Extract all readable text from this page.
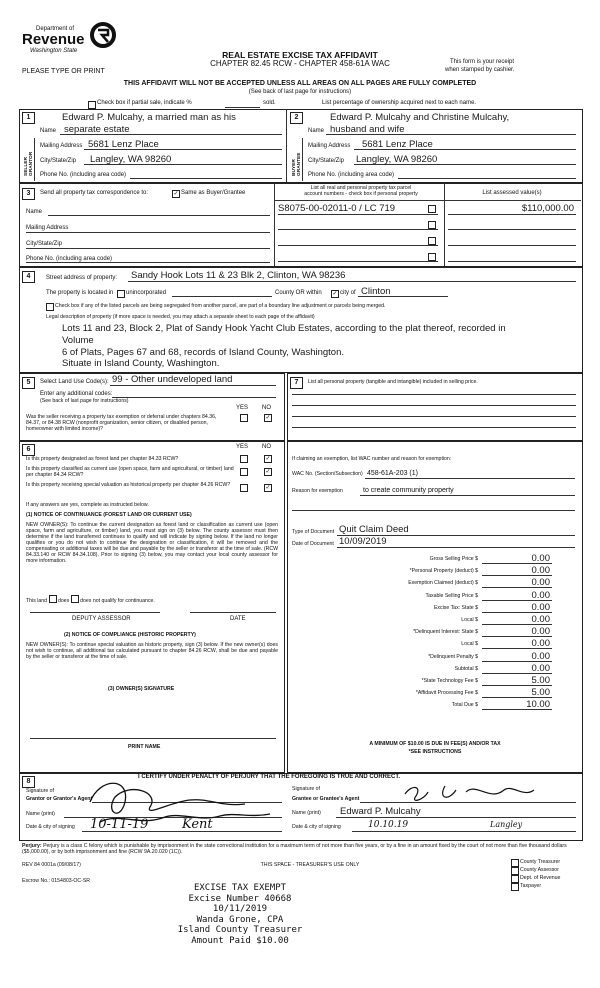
Department of
Revenue
Washington State
PLEASE TYPE OR PRINT
REAL ESTATE EXCISE TAX AFFIDAVIT
CHAPTER 82.45 RCW - CHAPTER 458-61A WAC	This form is your receipt
when stamped by cashier.
THIS AFFIDAVIT WILL NOT BE ACCEPTED UNLESS ALL AREAS ON ALL PAGES ARE FULLY COMPLETED
(See back of last page for instructions)
Check box if partial sale, indicate %	sold.	List percentage of ownership acquired next to each name.
1
SELLER GRANTOR
Edward P. Mulcahy, a married man as his
Name separate estate
Mailing Address 5681 Lenz Place
City/State/Zip Langley, WA 98260
Phone No. (including area code)
2
BUYER GRANTEE
Edward P. Mulcahy and Christine Mulcahy,
Name husband and wife
Mailing Address 5681 Lenz Place
City/State/Zip Langley, WA 98260
Phone No. (including area code)
3	Send all property tax correspondence to:	✓ Same as Buyer/Grantee
Name
Mailing Address
City/State/Zip
Phone No. (including area code)
List all real and personal property tax parcel
account numbers - check box if personal property	List assessed value(s)
S8075-00-02011-0 / LC 719	$110,000.00
4	Street address of property: Sandy Hook Lots 11 & 23 Blk 2, Clinton, WA 98236
The property is located in unincorporated	County OR within ✓ city of Clinton
Check box if any of the listed parcels are being segregated from another parcel, are part of a boundary line adjustment or parcels being merged.
Legal description of property (if more space is needed, you may attach a separate sheet to each page of the affidavit)
Lots 11 and 23, Block 2, Plat of Sandy Hook Yacht Club Estates, according to the plat thereof, recorded in
Volume
6 of Plats, Pages 67 and 68, records of Island County, Washington.
Situate in Island County, Washington.
5	Select Land Use Code(s): 99 - Other undeveloped land
Enter any additional codes:
(See back of last page for instructions)
YES NO
Was the seller receiving a property tax exemption or deferral under chapters 84.36, 84.37, or 84.38 RCW (nonprofit organization, senior citizen, or disabled person, homeowner with limited income)?
✓
7	List all personal property (tangible and intangible) included in selling price.
6	YES NO
Is this property designated as forest land per chapter 84.33 RCW?	✓
Is this property classified as current use (open space, farm and agricultural, or timber) land per chapter 84.34 RCW?	✓
Is this property receiving special valuation as historical property per chapter 84.26 RCW?	✓
If any answers are yes, complete as instructed below.
(1) NOTICE OF CONTINUANCE (FOREST LAND OR CURRENT USE)
NEW OWNER(S): To continue the current designation as forest land or classification as current use (open space, farm and agriculture, or timber) land, you must sign on (3) below. The county assessor must then determine if the land transferred continues to qualify and will indicate by signing below. If the land no longer qualifies or you do not wish to continue the designation or classification, it will be removed and the compensating or additional taxes will be due and payable by the seller or transferor at the time of sale. (RCW 84.33.140 or RCW 84.34.108). Prior to signing (3) below, you may contact your local county assessor for more information.
This land does does not qualify for continuance.
DEPUTY ASSESSOR	DATE
(2) NOTICE OF COMPLIANCE (HISTORIC PROPERTY)
NEW OWNER(S): To continue special valuation as historic property, sign (3) below. If the new owner(s) does not wish to continue, all additional tax calculated pursuant to chapter 84.26 RCW, shall be due and payable by the seller or transferor at the time of sale.
(3) OWNER(S) SIGNATURE
PRINT NAME
If claiming an exemption, list WAC number and reason for exemption:
WAC No. (Section/Subsection) 458-61A-203 (1)
Reason for exemption	to create community property
Type of Document Quit Claim Deed
Date of Document 10/09/2019
Gross Selling Price $	0.00
*Personal Property (deduct) $	0.00
Exemption Claimed (deduct) $	0.00
Taxable Selling Price $	0.00
Excise Tax: State $	0.00
Local $	0.00
*Delinquent Interest: State $	0.00
Local $	0.00
*Delinquent Penalty $	0.00
Subtotal $	0.00
*State Technology Fee $	5.00
*Affidavit Processing Fee $	5.00
Total Due $	10.00
A MINIMUM OF $10.00 IS DUE IN FEE(S) AND/OR TAX
*SEE INSTRUCTIONS
8
I CERTIFY UNDER PENALTY OF PERJURY THAT THE FOREGOING IS TRUE AND CORRECT.
Signature of
Grantor or Grantor's Agent
Name (print)
Date & city of signing 10-11-19	Kent
Signature of
Grantee or Grantee's Agent
Name (print) Edward P. Mulcahy
Date & city of signing	10.10.19	Langley
Perjury: Perjury is a class C felony which is punishable by imprisonment in the state correctional institution for a maximum term of not more than five years, or by a fine in an amount fixed by the court of not more than five thousand dollars ($5,000.00), or by both imprisonment and fine (RCW 9A.20.020 (1C)).
REV 84 0001a (09/08/17)	THIS SPACE - TREASURER'S USE ONLY
Escrow No.: 0154803-OC-SR
County Treasurer
County Assessor
Dept. of Revenue
Taxpayer
EXCISE TAX EXEMPT
Excise Number 40668
10/11/2019
Wanda Grone, CPA
Island County Treasurer
Amount Paid $10.00
